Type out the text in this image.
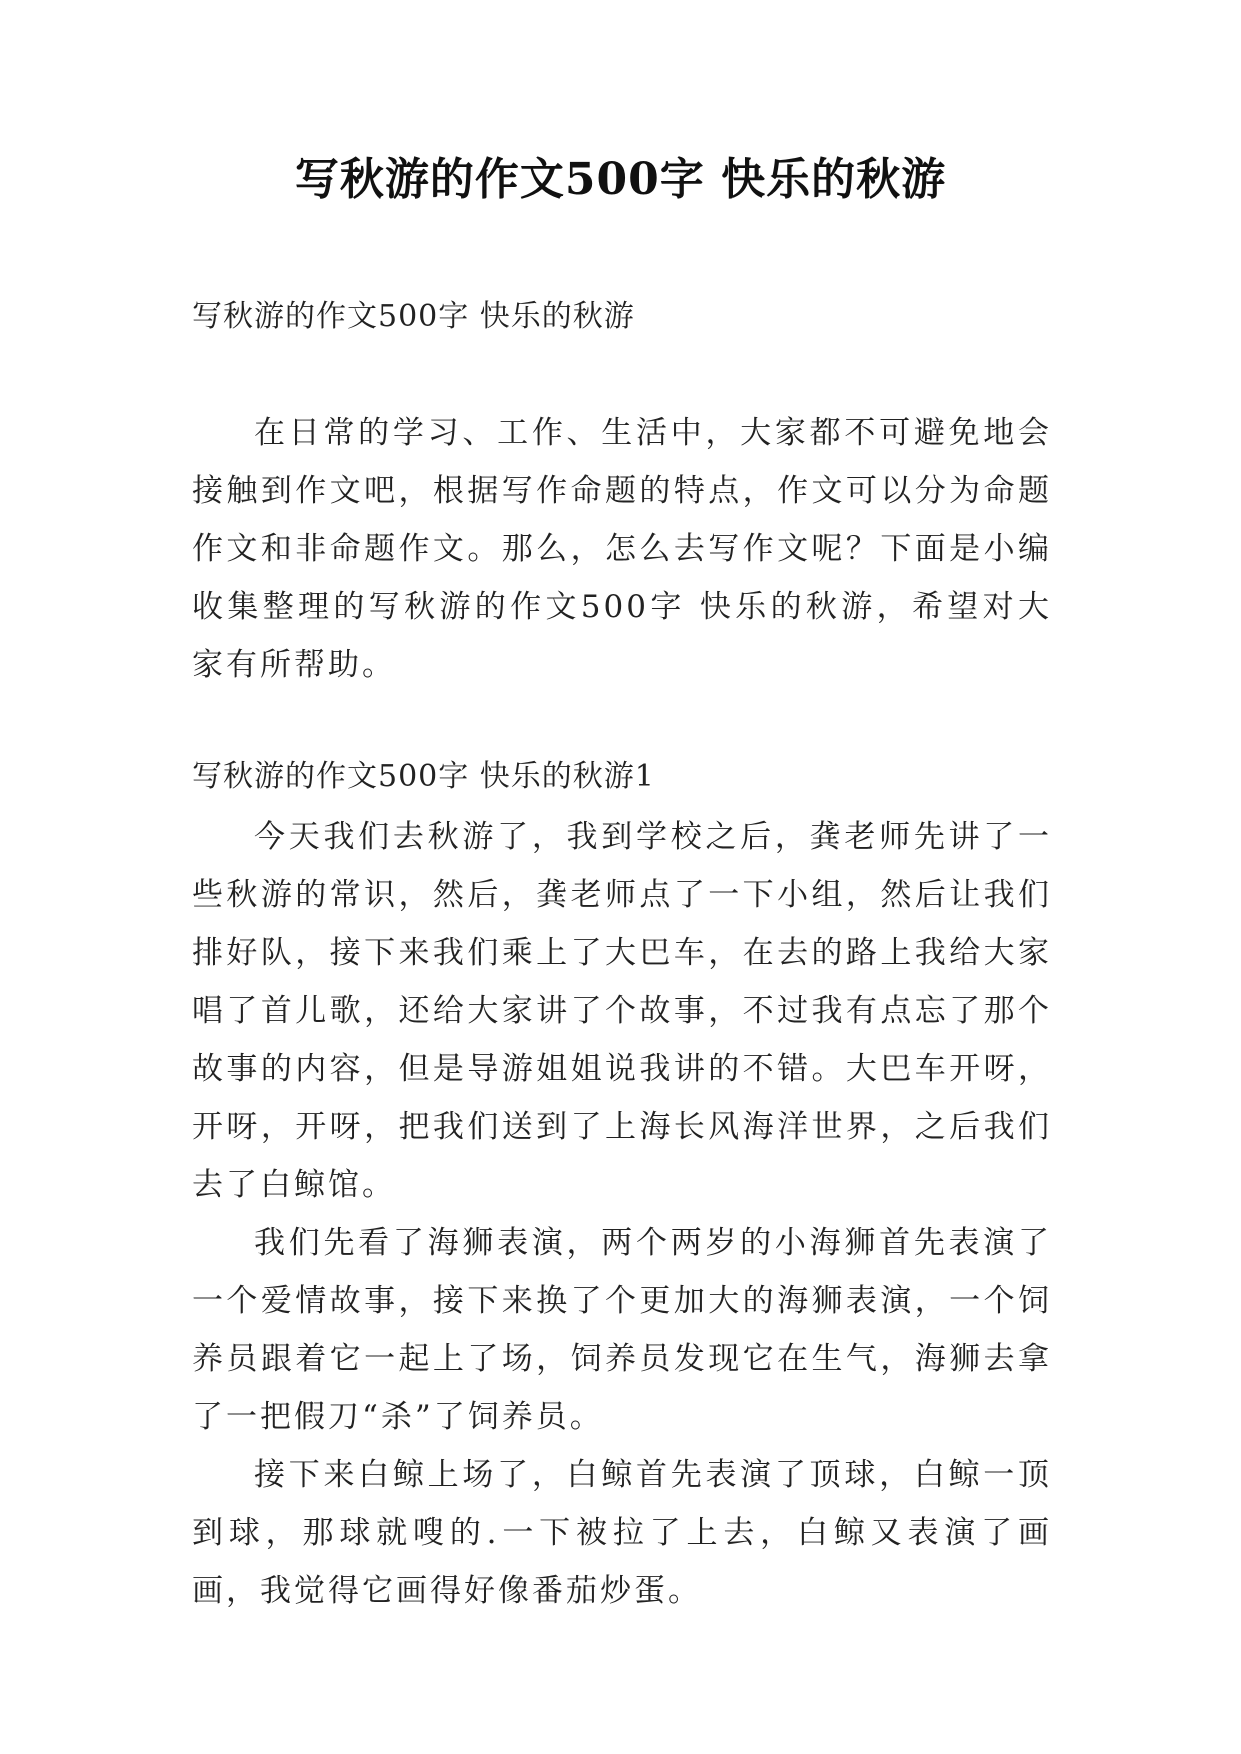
写秋游的作文500字 快乐的秋游
写秋游的作文500字 快乐的秋游

在日常的学习、工作、生活中，大家都不可避免地会接触到作文吧，根据写作命题的特点，作文可以分为命题作文和非命题作文。那么，怎么去写作文呢？下面是小编收集整理的写秋游的作文500字 快乐的秋游，希望对大家有所帮助。

写秋游的作文500字 快乐的秋游1

今天我们去秋游了，我到学校之后，龚老师先讲了一些秋游的常识，然后，龚老师点了一下小组，然后让我们排好队，接下来我们乘上了大巴车，在去的路上我给大家唱了首儿歌，还给大家讲了个故事，不过我有点忘了那个故事的内容，但是导游姐姐说我讲的不错。大巴车开呀，开呀，开呀，把我们送到了上海长风海洋世界，之后我们去了白鲸馆。

我们先看了海狮表演，两个两岁的小海狮首先表演了一个爱情故事，接下来换了个更加大的海狮表演，一个饲养员跟着它一起上了场，饲养员发现它在生气，海狮去拿了一把假刀“杀”了饲养员。

接下来白鲸上场了，白鲸首先表演了顶球，白鲸一顶到球，那球就嗖的.一下被拉了上去，白鲸又表演了画画，我觉得它画得好像番茄炒蛋。
